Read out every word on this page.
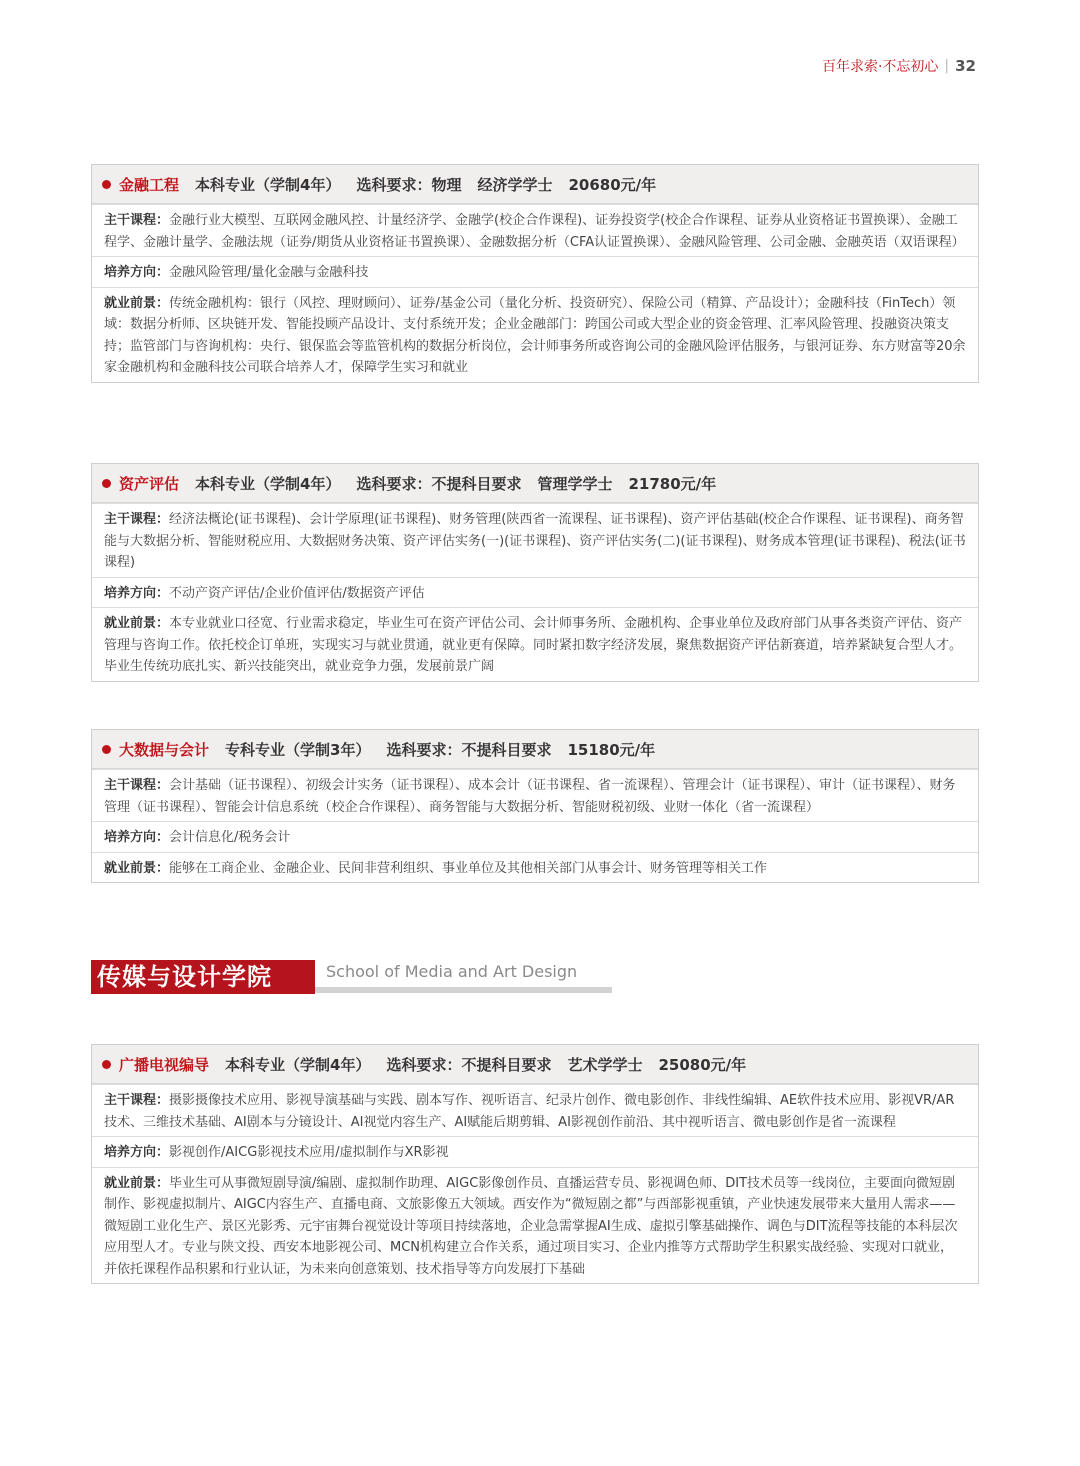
百年求索·不忘初心 | 32
金融工程 本科专业（学制4年） 选科要求：物理 经济学学士 20680元/年
主干课程：金融行业大模型、互联网金融风控、计量经济学、金融学(校企合作课程)、证券投资学(校企合作课程、证券从业资格证书置换课）、金融工程学、金融计量学、金融法规（证券/期货从业资格证书置换课）、金融数据分析（CFA认证置换课）、金融风险管理、公司金融、金融英语（双语课程）
培养方向：金融风险管理/量化金融与金融科技
就业前景：传统金融机构：银行（风控、理财顾问）、证券/基金公司（量化分析、投资研究）、保险公司（精算、产品设计）；金融科技（FinTech）领域：数据分析师、区块链开发、智能投顾产品设计、支付系统开发；企业金融部门：跨国公司或大型企业的资金管理、汇率风险管理、投融资决策支持；监管部门与咨询机构：央行、银保监会等监管机构的数据分析岗位，会计师事务所或咨询公司的金融风险评估服务，与银河证券、东方财富等20余家金融机构和金融科技公司联合培养人才，保障学生实习和就业
资产评估 本科专业（学制4年） 选科要求：不提科目要求 管理学学士 21780元/年
主干课程：经济法概论(证书课程)、会计学原理(证书课程)、财务管理(陕西省一流课程、证书课程)、资产评估基础(校企合作课程、证书课程)、商务智能与大数据分析、智能财税应用、大数据财务决策、资产评估实务(一)(证书课程)、资产评估实务(二)(证书课程)、财务成本管理(证书课程)、税法(证书课程)
培养方向：不动产资产评估/企业价值评估/数据资产评估
就业前景：本专业就业口径宽、行业需求稳定，毕业生可在资产评估公司、会计师事务所、金融机构、企事业单位及政府部门从事各类资产评估、资产管理与咨询工作。依托校企订单班，实现实习与就业贯通，就业更有保障。同时紧扣数字经济发展，聚焦数据资产评估新赛道，培养紧缺复合型人才。毕业生传统功底扎实、新兴技能突出，就业竞争力强，发展前景广阔
大数据与会计 专科专业（学制3年） 选科要求：不提科目要求 15180元/年
主干课程：会计基础（证书课程）、初级会计实务（证书课程）、成本会计（证书课程、省一流课程）、管理会计（证书课程）、审计（证书课程）、财务管理（证书课程）、智能会计信息系统（校企合作课程）、商务智能与大数据分析、智能财税初级、业财一体化（省一流课程）
培养方向：会计信息化/税务会计
就业前景：能够在工商企业、金融企业、民间非营利组织、事业单位及其他相关部门从事会计、财务管理等相关工作
传媒与设计学院	School of Media and Art Design
广播电视编导 本科专业（学制4年） 选科要求：不提科目要求 艺术学学士 25080元/年
主干课程：摄影摄像技术应用、影视导演基础与实践、剧本写作、视听语言、纪录片创作、微电影创作、非线性编辑、AE软件技术应用、影视VR/AR技术、三维技术基础、AI剧本与分镜设计、AI视觉内容生产、AI赋能后期剪辑、AI影视创作前沿、其中视听语言、微电影创作是省一流课程
培养方向：影视创作/AICG影视技术应用/虚拟制作与XR影视
就业前景：毕业生可从事微短剧导演/编剧、虚拟制作助理、AIGC影像创作员、直播运营专员、影视调色师、DIT技术员等一线岗位，主要面向微短剧制作、影视虚拟制片、AIGC内容生产、直播电商、文旅影像五大领域。西安作为“微短剧之都”与西部影视重镇，产业快速发展带来大量用人需求——微短剧工业化生产、景区光影秀、元宇宙舞台视觉设计等项目持续落地，企业急需掌握AI生成、虚拟引擎基础操作、调色与DIT流程等技能的本科层次应用型人才。专业与陕文投、西安本地影视公司、MCN机构建立合作关系，通过项目实习、企业内推等方式帮助学生积累实战经验、实现对口就业，并依托课程作品积累和行业认证，为未来向创意策划、技术指导等方向发展打下基础
